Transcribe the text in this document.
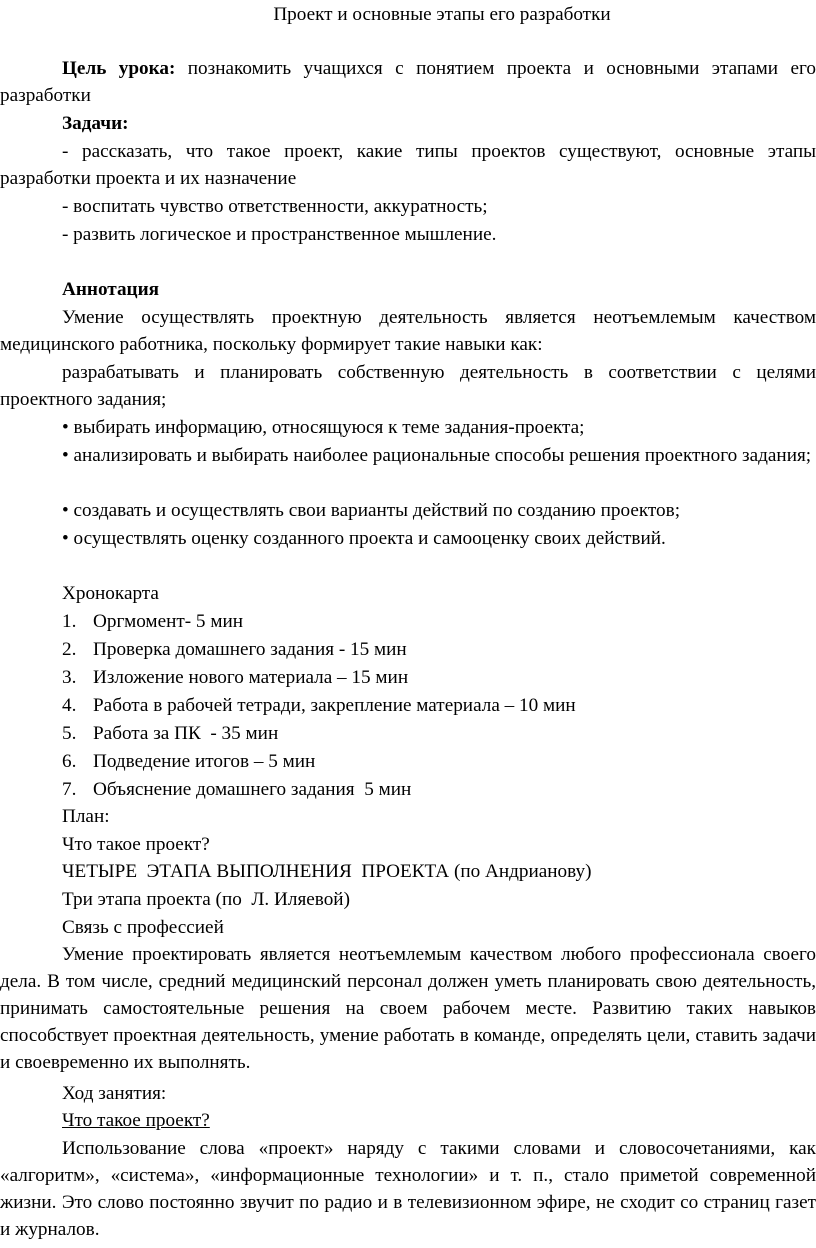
Проект и основные этапы его разработки

Цель урока: познакомить учащихся с понятием проекта и основными этапами его разработки

Задачи:

- рассказать, что такое проект, какие типы проектов существуют, основные этапы разработки проекта и их назначение

- воспитать чувство ответственности, аккуратность;

- развить логическое и пространственное мышление.

Аннотация

Умение осуществлять проектную деятельность является неотъемлемым качеством медицинского работника, поскольку формирует такие навыки как:

разрабатывать и планировать собственную деятельность в соответствии с целями проектного задания;

• выбирать информацию, относящуюся к теме задания-проекта;

• анализировать и выбирать наиболее рациональные способы решения проектного задания;

• создавать и осуществлять свои варианты действий по созданию проектов;

• осуществлять оценку созданного проекта и самооценку своих действий.

Хронокарта

1. Оргмомент- 5 мин
2. Проверка домашнего задания - 15 мин
3. Изложение нового материала – 15 мин
4. Работа в рабочей тетради, закрепление материала – 10 мин
5. Работа за ПК  - 35 мин
6. Подведение итогов – 5 мин
7. Объяснение домашнего задания  5 мин

План:

Что такое проект?

ЧЕТЫРЕ  ЭТАПА ВЫПОЛНЕНИЯ  ПРОЕКТА (по Андрианову)

Три этапа проекта (по  Л. Иляевой)

Связь с профессией

Умение проектировать является неотъемлемым качеством любого профессионала своего дела. В том числе, средний медицинский персонал должен уметь планировать свою деятельность, принимать самостоятельные решения на своем рабочем месте. Развитию таких навыков способствует проектная деятельность, умение работать в команде, определять цели, ставить задачи и своевременно их выполнять.

Ход занятия:

Что такое проект?

Использование слова «проект» наряду с такими словами и словосочетаниями, как «алгоритм», «система», «информационные технологии» и т. п., стало приметой современной жизни. Это слово постоянно звучит по радио и в телевизионном эфире, не сходит со страниц газет и журналов.
